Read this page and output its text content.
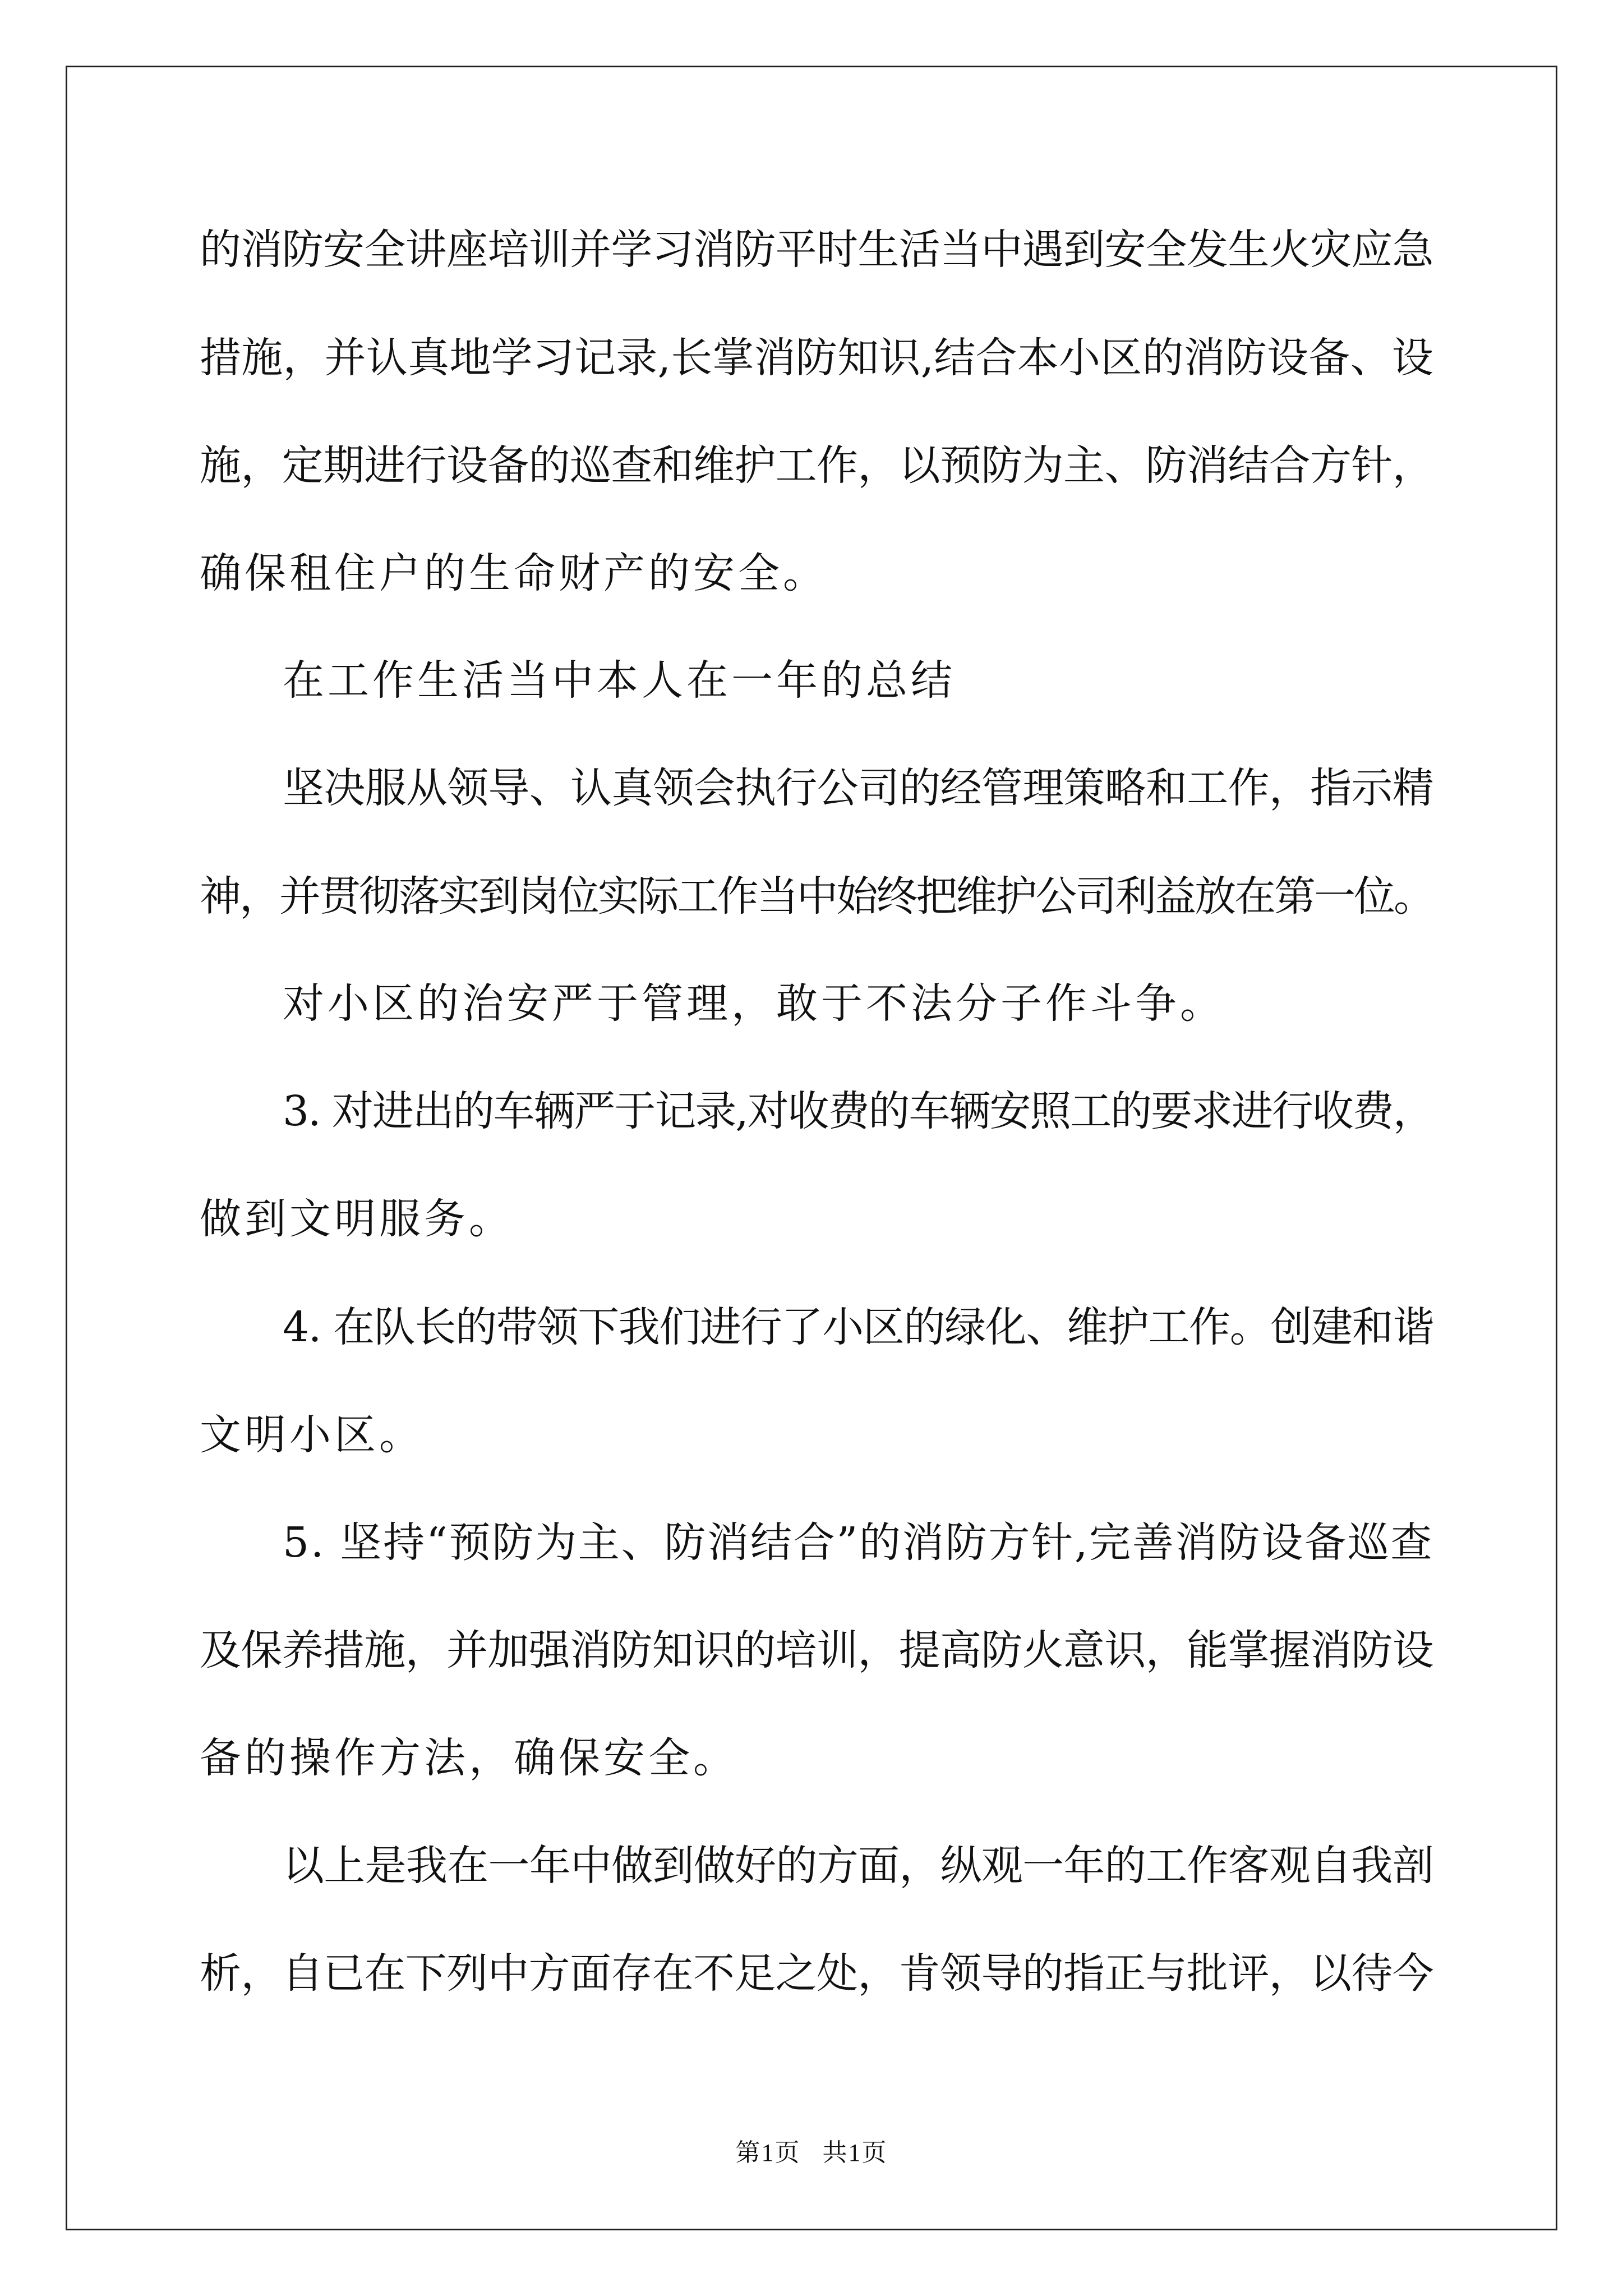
的消防安全讲座培训并学习消防平时生活当中遇到安全发生火灾应急
措施，并认真地学习记录,长掌消防知识,结合本小区的消防设备、设
施，定期进行设备的巡查和维护工作，以预防为主、防消结合方针，
确保租住户的生命财产的安全。
在工作生活当中本人在一年的总结
坚决服从领导、认真领会执行公司的经管理策略和工作，指示精
神，并贯彻落实到岗位实际工作当中始终把维护公司利益放在第一位。
对小区的治安严于管理，敢于不法分子作斗争。
3. 对进出的车辆严于记录,对收费的车辆安照工的要求进行收费，
做到文明服务。
4. 在队长的带领下我们进行了小区的绿化、维护工作。创建和谐
文明小区。
5. 坚持“预防为主、防消结合”的消防方针,完善消防设备巡查
及保养措施，并加强消防知识的培训，提高防火意识，能掌握消防设
备的操作方法，确保安全。
以上是我在一年中做到做好的方面，纵观一年的工作客观自我剖
析，自已在下列中方面存在不足之处，肯领导的指正与批评，以待今
第1页   共1页
